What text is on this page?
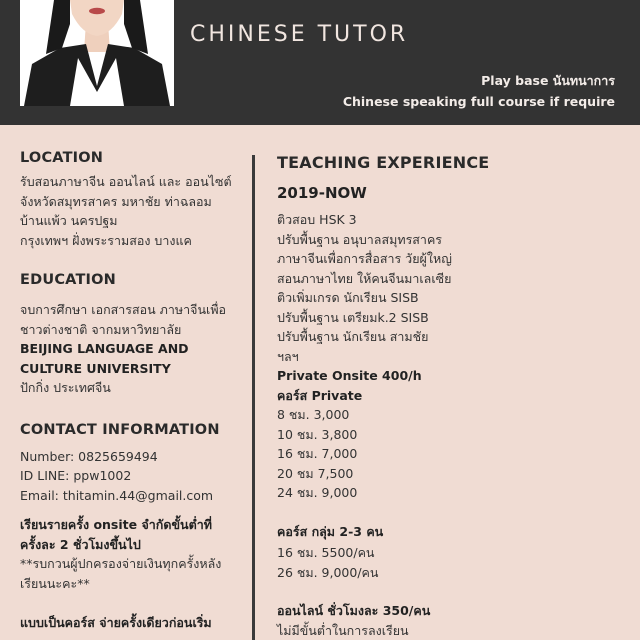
CHINESE TUTOR
Play base นันทนาการ
Chinese speaking full course if require
LOCATION
รับสอนภาษาจีน ออนไลน์ และ ออนไซต์
จังหวัดสมุทรสาคร มหาชัย ท่าฉลอม
บ้านแพ้ว นครปฐม
กรุงเทพฯ ฝั่งพระรามสอง บางแค
EDUCATION
จบการศึกษา เอกสารสอน ภาษาจีนเพื่อ
ชาวต่างชาติ จากมหาวิทยาลัย
BEIJING LANGUAGE AND
CULTURE UNIVERSITY
ปักกิ่ง ประเทศจีน
CONTACT INFORMATION
Number: 0825659494
ID LINE: ppw1002
Email: thitamin.44@gmail.com
เรียนรายครั้ง onsite จำกัดขั้นต่ำที่
ครั้งละ 2 ชั่วโมงขึ้นไป
**รบกวนผู้ปกครองจ่ายเงินทุกครั้งหลัง
เรียนนะคะ**
แบบเป็นคอร์ส จ่ายครั้งเดียวก่อนเริ่ม
TEACHING EXPERIENCE
2019-NOW
ติวสอบ HSK 3
ปรับพื้นฐาน อนุบาลสมุทรสาคร
ภาษาจีนเพื่อการสื่อสาร วัยผู้ใหญ่
สอนภาษาไทย ให้คนจีนมาเลเซีย
ติวเพิ่มเกรด นักเรียน SISB
ปรับพื้นฐาน เตรียมk.2 SISB
ปรับพื้นฐาน นักเรียน สามชัย
ฯลฯ
Private Onsite 400/h
คอร์ส Private
8 ชม. 3,000
10 ชม. 3,800
16 ชม. 7,000
20 ชม 7,500
24 ชม. 9,000
คอร์ส กลุ่ม 2-3 คน
16 ชม. 5500/คน
26 ชม. 9,000/คน
ออนไลน์ ชั่วโมงละ 350/คน
ไม่มีขั้นต่ำในการลงเรียน
